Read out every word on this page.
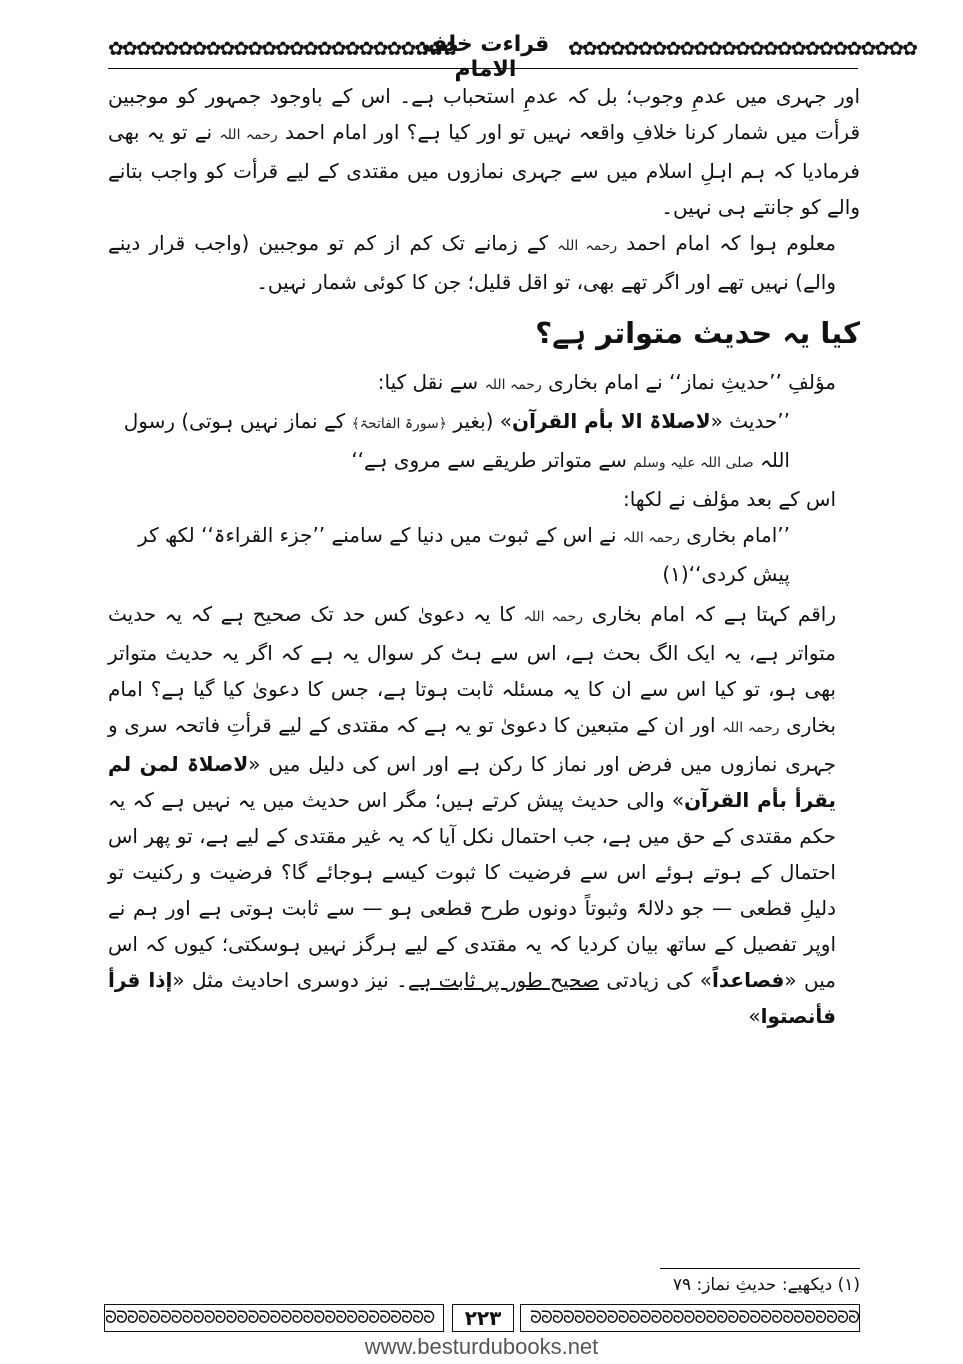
✿✿✿✿✿✿✿✿✿✿✿✿✿✿✿✿✿✿✿✿✿✿✿✿✿
قراءت خلف الامام
✿✿✿✿✿✿✿✿✿✿✿✿✿✿✿✿✿✿✿✿✿✿✿✿✿

اور جہری میں عدمِ وجوب؛ بل کہ عدمِ استحباب ہے۔ اس کے باوجود جمہور کو موجبین قرأت میں شمار کرنا خلافِ واقعہ نہیں تو اور کیا ہے؟ اور امام احمد رحمہ اللہ نے تو یہ بھی فرمادیا کہ ہم اہلِ اسلام میں سے جہری نمازوں میں مقتدی کے لیے قرأت کو واجب بتانے والے کو جانتے ہی نہیں۔

معلوم ہوا کہ امام احمد رحمہ اللہ کے زمانے تک کم از کم تو موجبین (واجب قرار دینے والے) نہیں تھے اور اگر تھے بھی، تو اقل قلیل؛ جن کا کوئی شمار نہیں۔

کیا یہ حدیث متواتر ہے؟

مؤلفِ ’’حدیثِ نماز‘‘ نے امام بخاری رحمہ اللہ سے نقل کیا:

’’حدیث «لاصلاۃ الا بأم القرآن» (بغیر ﴿سورۃ الفاتحۃ﴾ کے نماز نہیں ہوتی) رسول اللہ صلی اللہ علیہ وسلم سے متواتر طریقے سے مروی ہے‘‘

اس کے بعد مؤلف نے لکھا:

’’امام بخاری رحمہ اللہ نے اس کے ثبوت میں دنیا کے سامنے ’’جزء القراءۃ‘‘ لکھ کر پیش کردی‘‘(۱)

راقم کہتا ہے کہ امام بخاری رحمہ اللہ کا یہ دعویٰ کس حد تک صحیح ہے کہ یہ حدیث متواتر ہے، یہ ایک الگ بحث ہے، اس سے ہٹ کر سوال یہ ہے کہ اگر یہ حدیث متواتر بھی ہو، تو کیا اس سے ان کا یہ مسئلہ ثابت ہوتا ہے، جس کا دعویٰ کیا گیا ہے؟ امام بخاری رحمہ اللہ اور ان کے متبعین کا دعویٰ تو یہ ہے کہ مقتدی کے لیے قرأتِ فاتحہ سری و جہری نمازوں میں فرض اور نماز کا رکن ہے اور اس کی دلیل میں «لاصلاۃ لمن لم یقرأ بأم القرآن» والی حدیث پیش کرتے ہیں؛ مگر اس حدیث میں یہ نہیں ہے کہ یہ حکم مقتدی کے حق میں ہے، جب احتمال نکل آیا کہ یہ غیر مقتدی کے لیے ہے، تو پھر اس احتمال کے ہوتے ہوئے اس سے فرضیت کا ثبوت کیسے ہوجائے گا؟ فرضیت و رکنیت تو دلیلِ قطعی — جو دلالۃً وثبوتاً دونوں طرح قطعی ہو — سے ثابت ہوتی ہے اور ہم نے اوپر تفصیل کے ساتھ بیان کردیا کہ یہ مقتدی کے لیے ہرگز نہیں ہوسکتی؛ کیوں کہ اس میں «فصاعداً» کی زیادتی صحیح طور پر ثابت ہے۔ نیز دوسری احادیث مثل «إذا قرأ فأنصتوا»

(۱) دیکھیے: حدیثِ نماز: ۷۹
ᘐᘐᘐᘐᘐᘐᘐᘐᘐᘐᘐᘐᘐᘐᘐᘐᘐᘐᘐᘐᘐᘐᘐᘐᘐᘐᘐᘐᘐᘐ	۲۲۳	ᘐᘐᘐᘐᘐᘐᘐᘐᘐᘐᘐᘐᘐᘐᘐᘐᘐᘐᘐᘐᘐᘐᘐᘐᘐᘐᘐᘐᘐᘐ
www.besturdubooks.net
